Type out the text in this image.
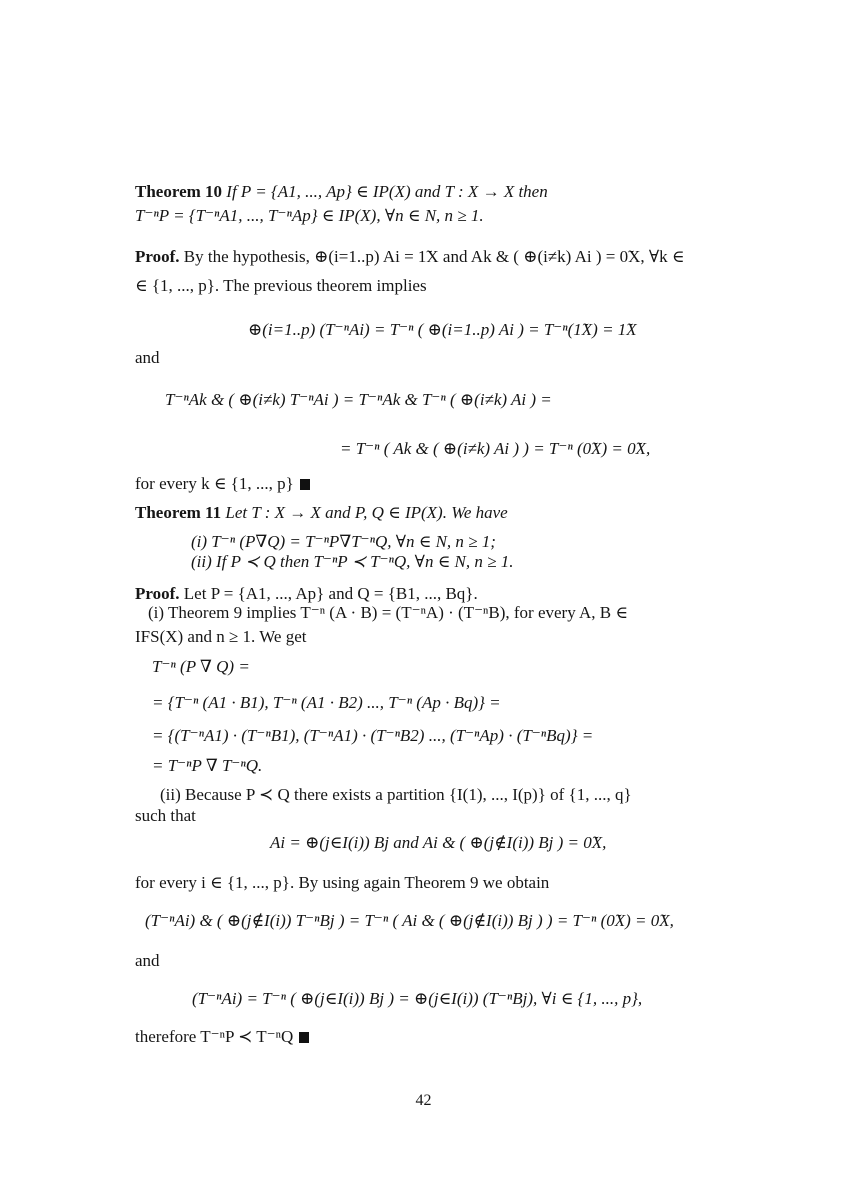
Theorem 10 If P = {A1, ..., Ap} ∈ IP(X) and T : X → X then
T⁻ⁿP = {T⁻ⁿA1, ..., T⁻ⁿAp} ∈ IP(X), ∀n ∈ N, n ≥ 1.
Proof. By the hypothesis, ⊕(i=1..p) Ai = 1̃X and Ak & ( ⊕(i≠k) Ai ) = 0̃X, ∀k ∈
∈ {1, ..., p}. The previous theorem implies
⊕(i=1..p) (T⁻ⁿAi) = T⁻ⁿ ( ⊕(i=1..p) Ai ) = T⁻ⁿ(1̃X) = 1̃X
and
T⁻ⁿAk & ( ⊕(i≠k) T⁻ⁿAi ) = T⁻ⁿAk & T⁻ⁿ ( ⊕(i≠k) Ai ) =
= T⁻ⁿ ( Ak & ( ⊕(i≠k) Ai ) ) = T⁻ⁿ (0̃X) = 0̃X,
for every k ∈ {1, ..., p}
Theorem 11 Let T : X → X and P, Q ∈ IP(X). We have
(i) T⁻ⁿ (P∇Q) = T⁻ⁿP∇T⁻ⁿQ, ∀n ∈ N, n ≥ 1;
(ii) If P ≺ Q then T⁻ⁿP ≺ T⁻ⁿQ, ∀n ∈ N, n ≥ 1.
Proof. Let P = {A1, ..., Ap} and Q = {B1, ..., Bq}.
(i) Theorem 9 implies T⁻ⁿ (A · B) = (T⁻ⁿA) · (T⁻ⁿB), for every A, B ∈
IFS(X) and n ≥ 1. We get
T⁻ⁿ (P ∇ Q) =
= {T⁻ⁿ (A1 · B1), T⁻ⁿ (A1 · B2) ..., T⁻ⁿ (Ap · Bq)} =
= {(T⁻ⁿA1) · (T⁻ⁿB1), (T⁻ⁿA1) · (T⁻ⁿB2) ..., (T⁻ⁿAp) · (T⁻ⁿBq)} =
= T⁻ⁿP ∇ T⁻ⁿQ.
(ii) Because P ≺ Q there exists a partition {I(1), ..., I(p)} of {1, ..., q}
such that
Ai = ⊕(j∈I(i)) Bj and Ai & ( ⊕(j∉I(i)) Bj ) = 0̃X,
for every i ∈ {1, ..., p}. By using again Theorem 9 we obtain
(T⁻ⁿAi) & ( ⊕(j∉I(i)) T⁻ⁿBj ) = T⁻ⁿ ( Ai & ( ⊕(j∉I(i)) Bj ) ) = T⁻ⁿ (0̃X) = 0̃X,
and
(T⁻ⁿAi) = T⁻ⁿ ( ⊕(j∈I(i)) Bj ) = ⊕(j∈I(i)) (T⁻ⁿBj), ∀i ∈ {1, ..., p},
therefore T⁻ⁿP ≺ T⁻ⁿQ
42
